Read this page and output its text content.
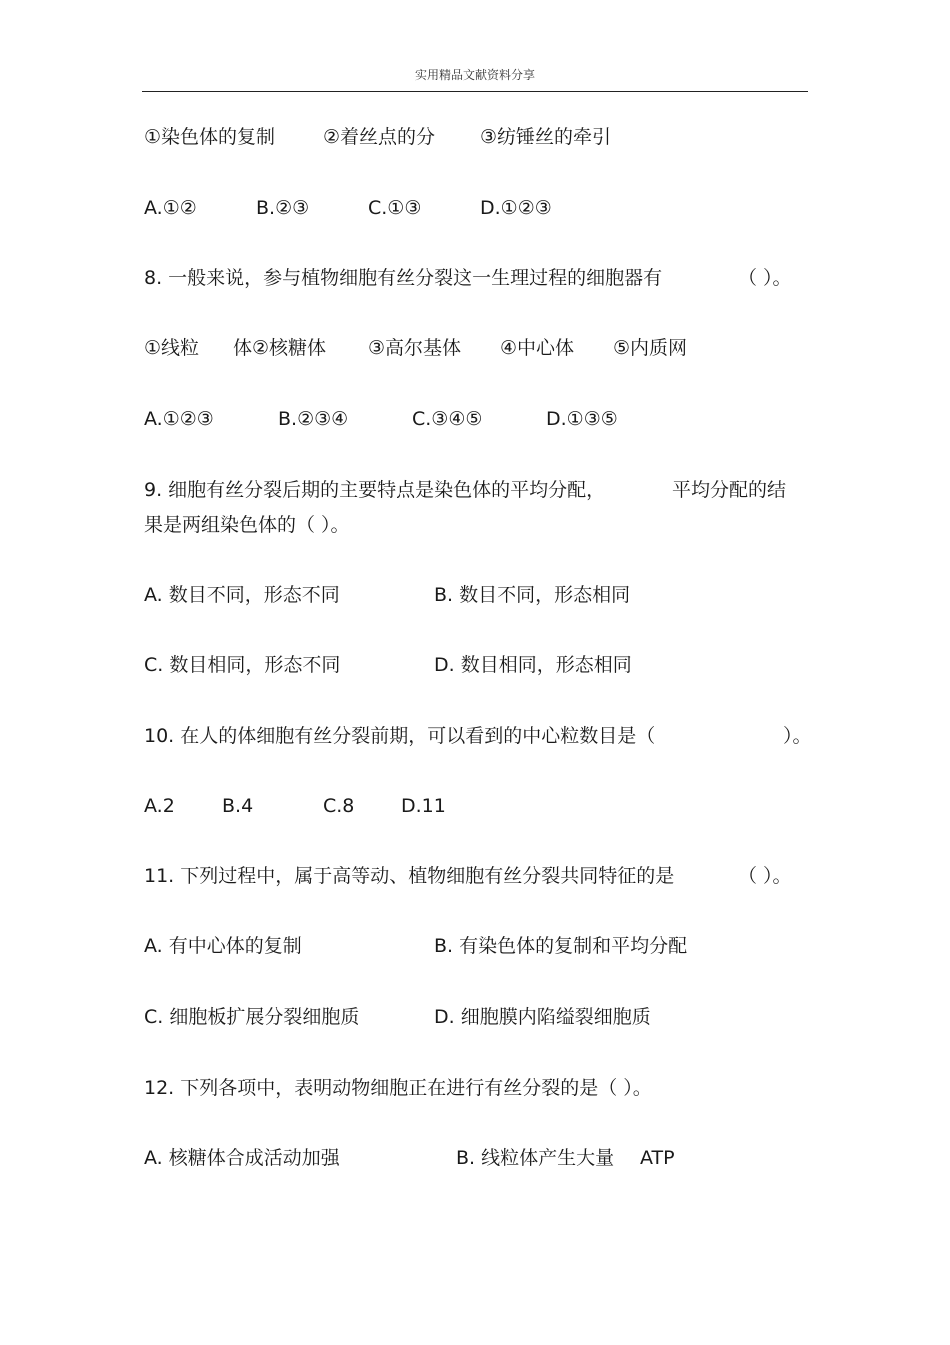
实用精品文献资料分享
①染色体的复制	②着丝点的分 ③纺锤丝的牵引
A.①②	B.②③	C.①③	D.①②③
8. 一般来说，参与植物细胞有丝分裂这一生理过程的细胞器有	（ ）。
①线粒 体②核糖体 ③高尔基体 ④中心体 ⑤内质网
A.①②③	B.②③④	C.③④⑤	D.①③⑤
9. 细胞有丝分裂后期的主要特点是染色体的平均分配，	平均分配的结
果是两组染色体的（ ）。
A. 数目不同，形态不同	B. 数目不同，形态相同
C. 数目相同，形态不同	D. 数目相同，形态相同
10. 在人的体细胞有丝分裂前期，可以看到的中心粒数目是（	）。
A.2 B.4	C.8 D.11
11. 下列过程中，属于高等动、植物细胞有丝分裂共同特征的是	（ ）。
A. 有中心体的复制	B. 有染色体的复制和平均分配
C. 细胞板扩展分裂细胞质	D. 细胞膜内陷缢裂细胞质
12. 下列各项中，表明动物细胞正在进行有丝分裂的是（ ）。
A. 核糖体合成活动加强	B. 线粒体产生大量 ATP
